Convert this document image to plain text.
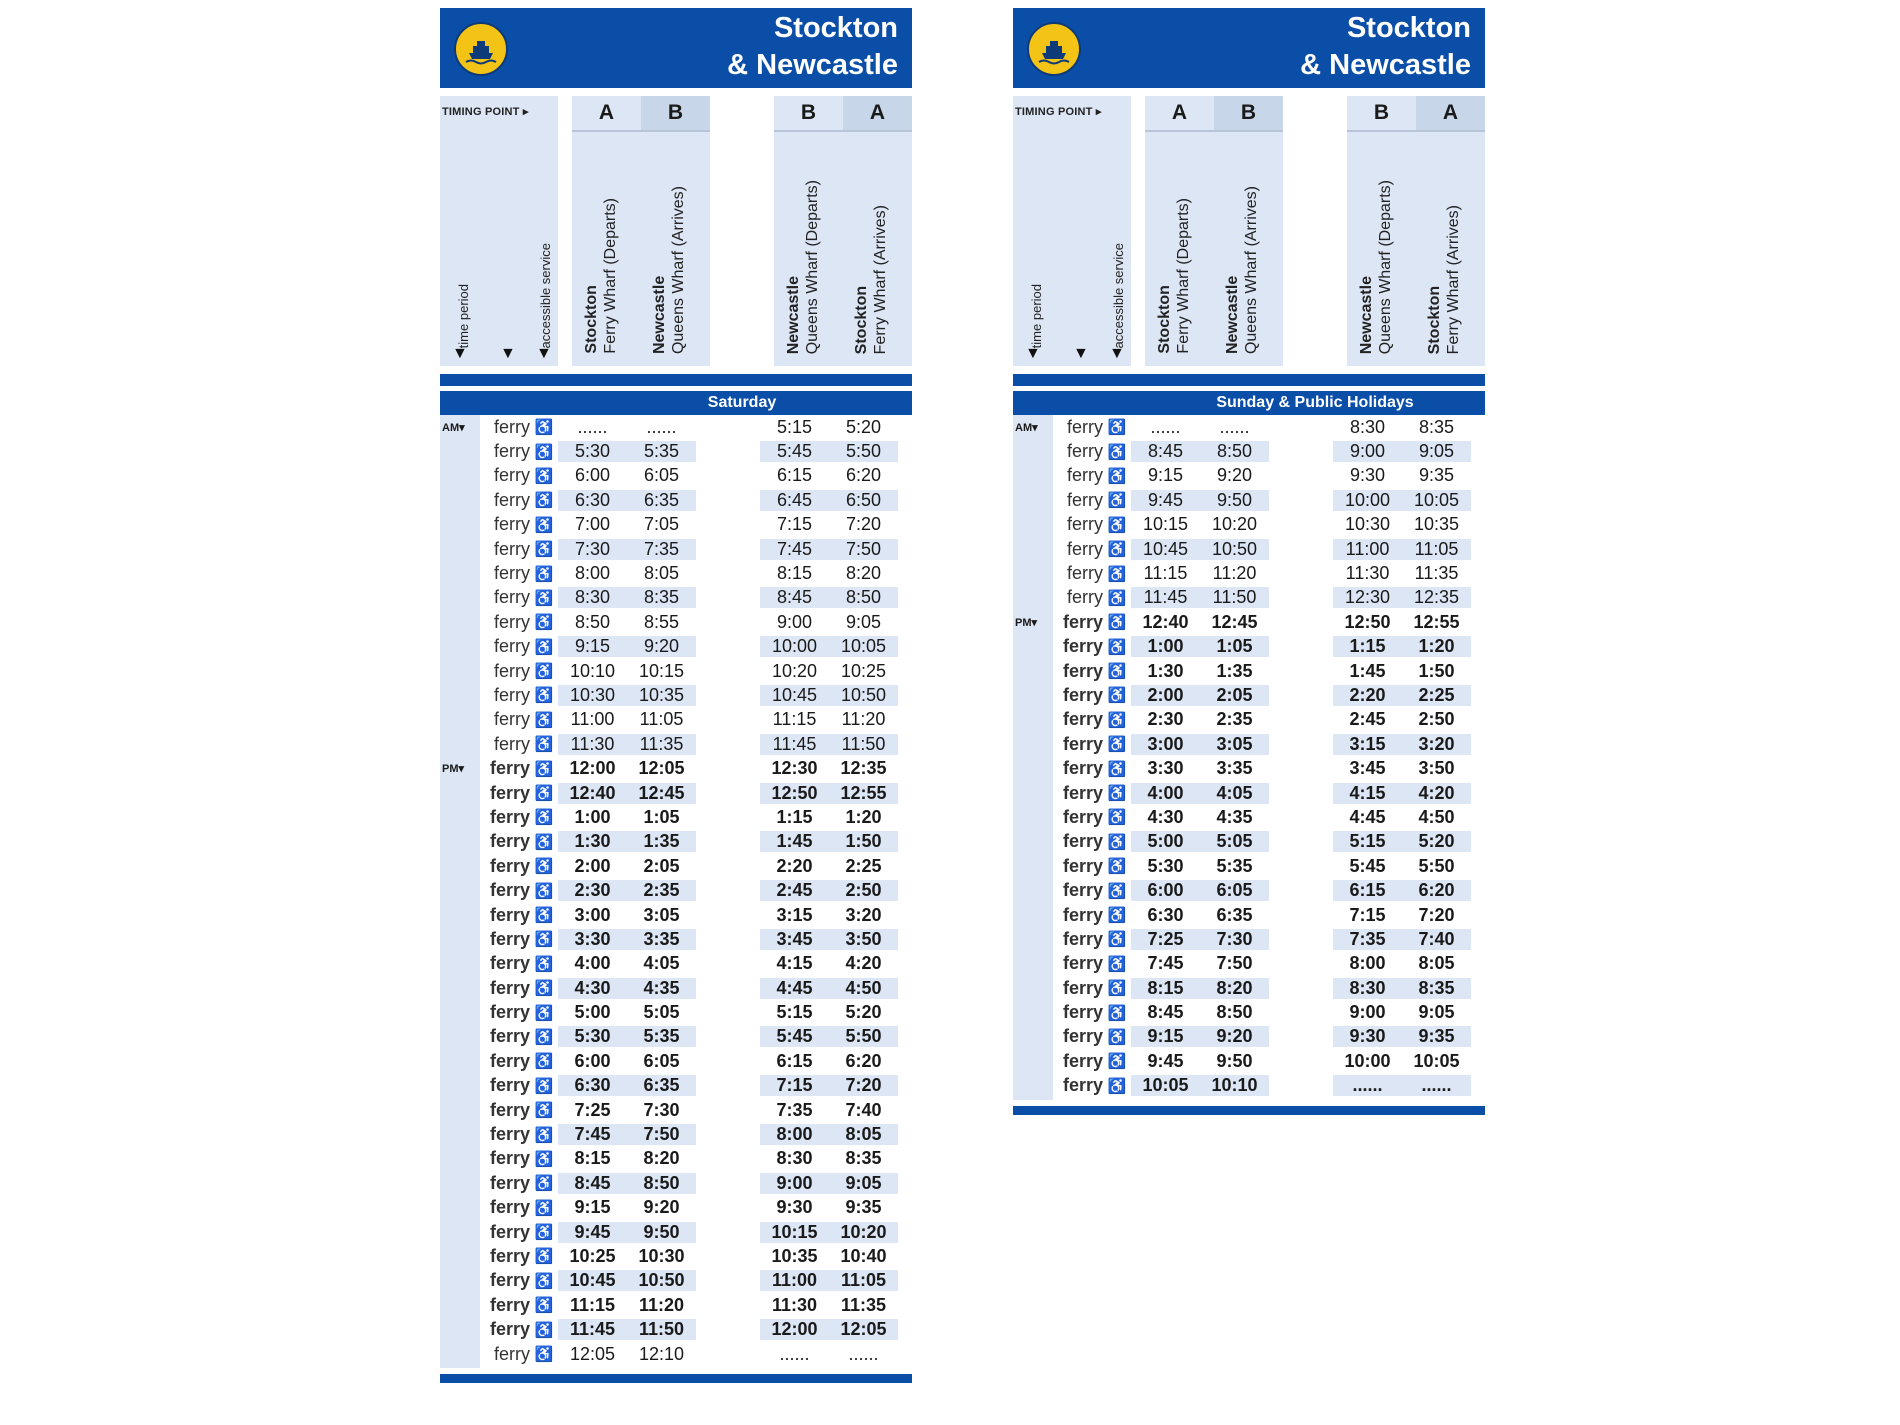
Stockton
& Newcastle
TIMING POINT ▸	A	B	B	A
time period	accessible service
▼ ▼ ▼ Stockton Ferry Wharf (Departs) Newcastle Queens Wharf (Arrives)	Newcastle Queens Wharf (Departs) Stockton Ferry Wharf (Arrives)
Saturday
AM▾	ferry ♿	......	......	5:15	5:20
ferry ♿	5:30	5:35	5:45	5:50
ferry ♿	6:00	6:05	6:15	6:20
ferry ♿	6:30	6:35	6:45	6:50
ferry ♿	7:00	7:05	7:15	7:20
ferry ♿	7:30	7:35	7:45	7:50
ferry ♿	8:00	8:05	8:15	8:20
ferry ♿	8:30	8:35	8:45	8:50
ferry ♿	8:50	8:55	9:00	9:05
ferry ♿	9:15	9:20	10:00	10:05
ferry ♿ 10:10	10:15	10:20	10:25
ferry ♿ 10:30	10:35	10:45	10:50
ferry ♿ 11:00	11:05	11:15	11:20
ferry ♿ 11:30	11:35	11:45	11:50
PM▾	ferry ♿ 12:00	12:05	12:30	12:35
ferry ♿ 12:40	12:45	12:50	12:55
ferry ♿	1:00	1:05	1:15	1:20
ferry ♿	1:30	1:35	1:45	1:50
ferry ♿	2:00	2:05	2:20	2:25
ferry ♿	2:30	2:35	2:45	2:50
ferry ♿	3:00	3:05	3:15	3:20
ferry ♿	3:30	3:35	3:45	3:50
ferry ♿	4:00	4:05	4:15	4:20
ferry ♿	4:30	4:35	4:45	4:50
ferry ♿	5:00	5:05	5:15	5:20
ferry ♿	5:30	5:35	5:45	5:50
ferry ♿	6:00	6:05	6:15	6:20
ferry ♿	6:30	6:35	7:15	7:20
ferry ♿	7:25	7:30	7:35	7:40
ferry ♿	7:45	7:50	8:00	8:05
ferry ♿	8:15	8:20	8:30	8:35
ferry ♿	8:45	8:50	9:00	9:05
ferry ♿	9:15	9:20	9:30	9:35
ferry ♿	9:45	9:50	10:15	10:20
ferry ♿ 10:25	10:30	10:35	10:40
ferry ♿ 10:45	10:50	11:00	11:05
ferry ♿ 11:15	11:20	11:30	11:35
ferry ♿ 11:45	11:50	12:00	12:05
ferry ♿ 12:05	12:10	......	......
Stockton
& Newcastle
TIMING POINT ▸	A	B	B	A
time period	accessible service
▼ ▼ ▼ Stockton Ferry Wharf (Departs) Newcastle Queens Wharf (Arrives)	Newcastle Queens Wharf (Departs) Stockton Ferry Wharf (Arrives)
Sunday & Public Holidays
AM▾	ferry ♿	......	......	8:30	8:35
ferry ♿	8:45	8:50	9:00	9:05
ferry ♿	9:15	9:20	9:30	9:35
ferry ♿	9:45	9:50	10:00	10:05
ferry ♿ 10:15	10:20	10:30	10:35
ferry ♿ 10:45	10:50	11:00	11:05
ferry ♿ 11:15	11:20	11:30	11:35
ferry ♿ 11:45	11:50	12:30	12:35
PM▾	ferry ♿ 12:40	12:45	12:50	12:55
ferry ♿	1:00	1:05	1:15	1:20
ferry ♿	1:30	1:35	1:45	1:50
ferry ♿	2:00	2:05	2:20	2:25
ferry ♿	2:30	2:35	2:45	2:50
ferry ♿	3:00	3:05	3:15	3:20
ferry ♿	3:30	3:35	3:45	3:50
ferry ♿	4:00	4:05	4:15	4:20
ferry ♿	4:30	4:35	4:45	4:50
ferry ♿	5:00	5:05	5:15	5:20
ferry ♿	5:30	5:35	5:45	5:50
ferry ♿	6:00	6:05	6:15	6:20
ferry ♿	6:30	6:35	7:15	7:20
ferry ♿	7:25	7:30	7:35	7:40
ferry ♿	7:45	7:50	8:00	8:05
ferry ♿	8:15	8:20	8:30	8:35
ferry ♿	8:45	8:50	9:00	9:05
ferry ♿	9:15	9:20	9:30	9:35
ferry ♿	9:45	9:50	10:00	10:05
ferry ♿ 10:05	10:10	......	......
